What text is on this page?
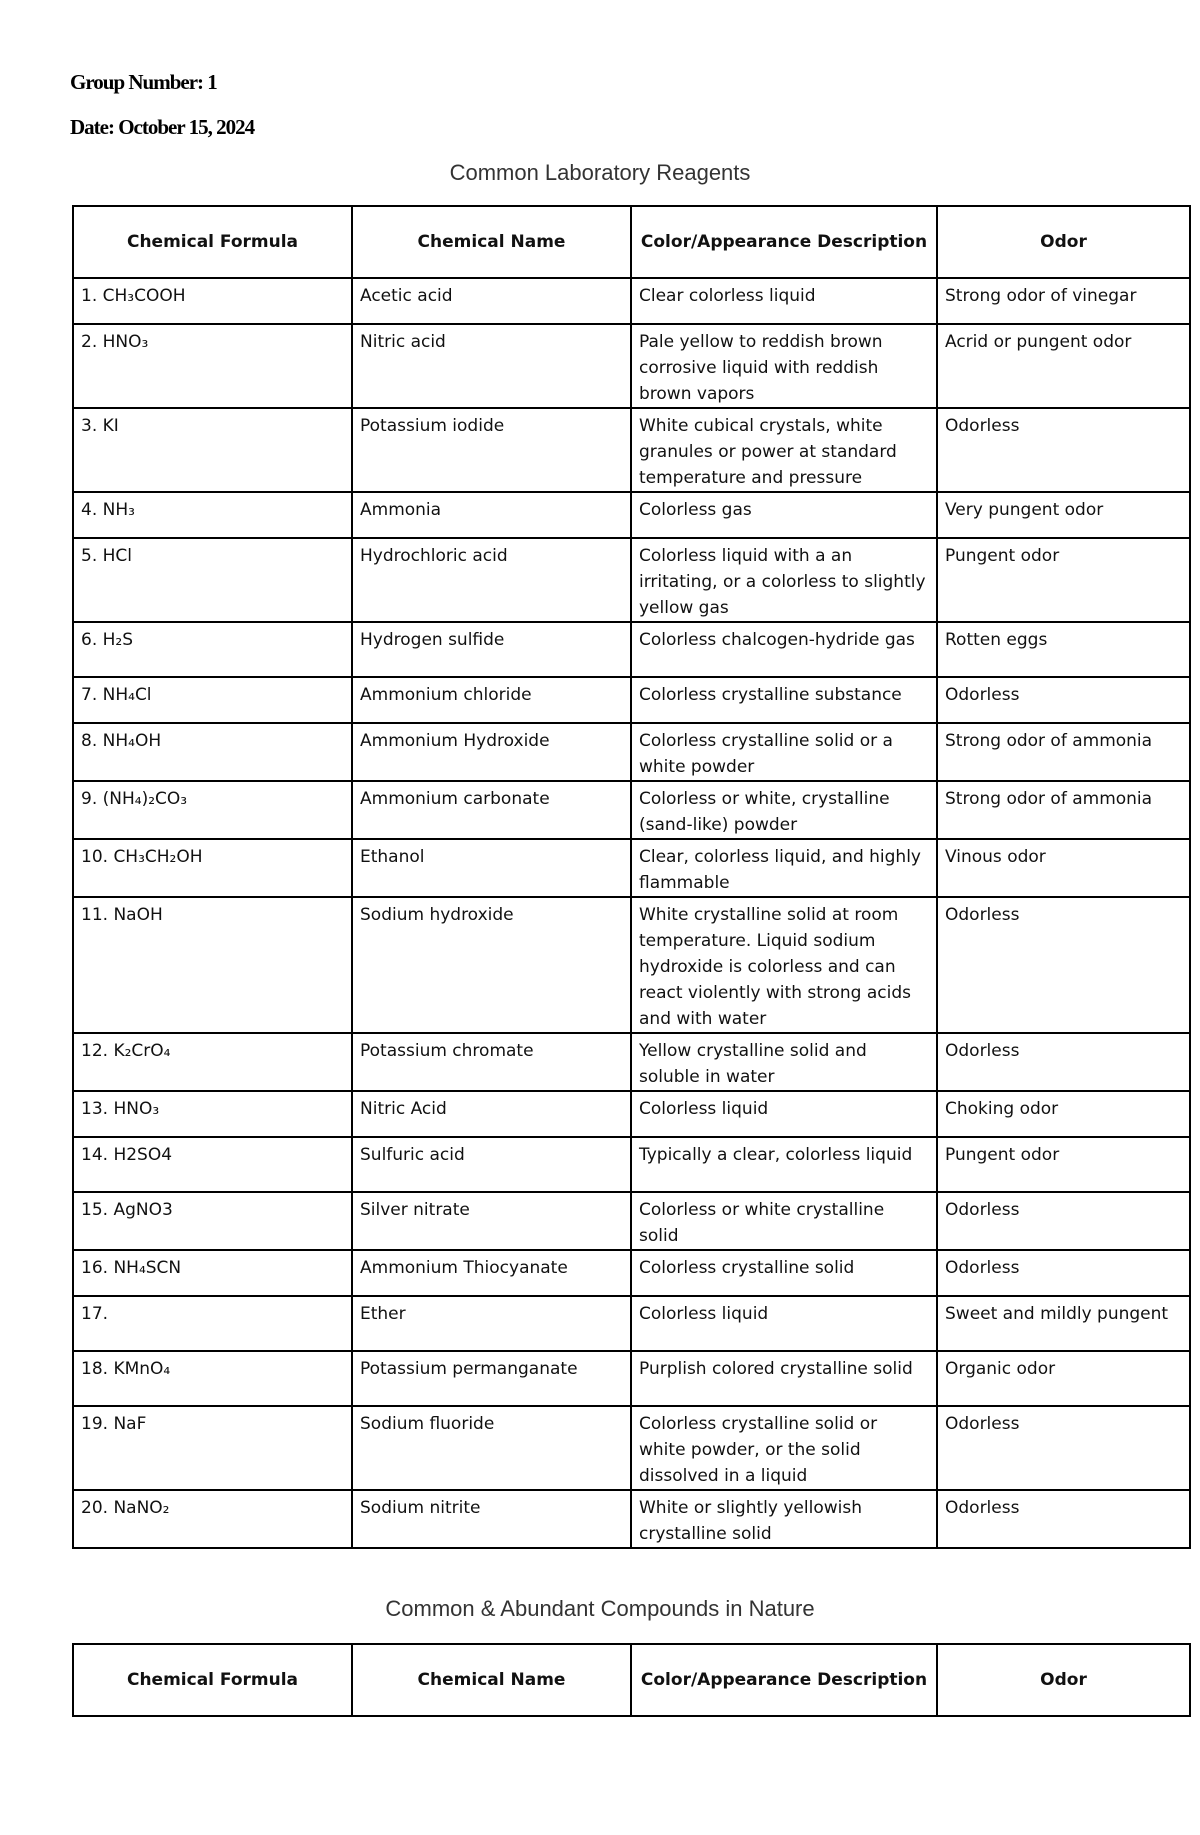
Group Number: 1

Date: October 15, 2024

Common Laboratory Reagents

Chemical Formula	Chemical Name	Color/Appearance Description	Odor
1. CH₃COOH	Acetic acid	Clear colorless liquid	Strong odor of vinegar
2. HNO₃	Nitric acid	Pale yellow to reddish brown corrosive liquid with reddish brown vapors	Acrid or pungent odor
3. KI	Potassium iodide	White cubical crystals, white granules or power at standard temperature and pressure	Odorless
4. NH₃	Ammonia	Colorless gas	Very pungent odor
5. HCl	Hydrochloric acid	Colorless liquid with a an irritating, or a colorless to slightly yellow gas	Pungent odor
6. H₂S	Hydrogen sulfide	Colorless chalcogen-hydride gas	Rotten eggs
7. NH₄Cl	Ammonium chloride	Colorless crystalline substance	Odorless
8. NH₄OH	Ammonium Hydroxide	Colorless crystalline solid or a white powder	Strong odor of ammonia
9. (NH₄)₂CO₃	Ammonium carbonate	Colorless or white, crystalline (sand-like) powder	Strong odor of ammonia
10. CH₃CH₂OH	Ethanol	Clear, colorless liquid, and highly flammable	Vinous odor
11. NaOH	Sodium hydroxide	White crystalline solid at room temperature. Liquid sodium hydroxide is colorless and can react violently with strong acids and with water	Odorless
12. K₂CrO₄	Potassium chromate	Yellow crystalline solid and soluble in water	Odorless
13. HNO₃	Nitric Acid	Colorless liquid	Choking odor
14. H2SO4	Sulfuric acid	Typically a clear, colorless liquid	Pungent odor
15. AgNO3	Silver nitrate	Colorless or white crystalline solid	Odorless
16. NH₄SCN	Ammonium Thiocyanate	Colorless crystalline solid	Odorless
17.	Ether	Colorless liquid	Sweet and mildly pungent
18. KMnO₄	Potassium permanganate	Purplish colored crystalline solid	Organic odor
19. NaF	Sodium fluoride	Colorless crystalline solid or white powder, or the solid dissolved in a liquid	Odorless
20. NaNO₂	Sodium nitrite	White or slightly yellowish crystalline solid	Odorless

Common & Abundant Compounds in Nature

Chemical Formula	Chemical Name	Color/Appearance Description	Odor
